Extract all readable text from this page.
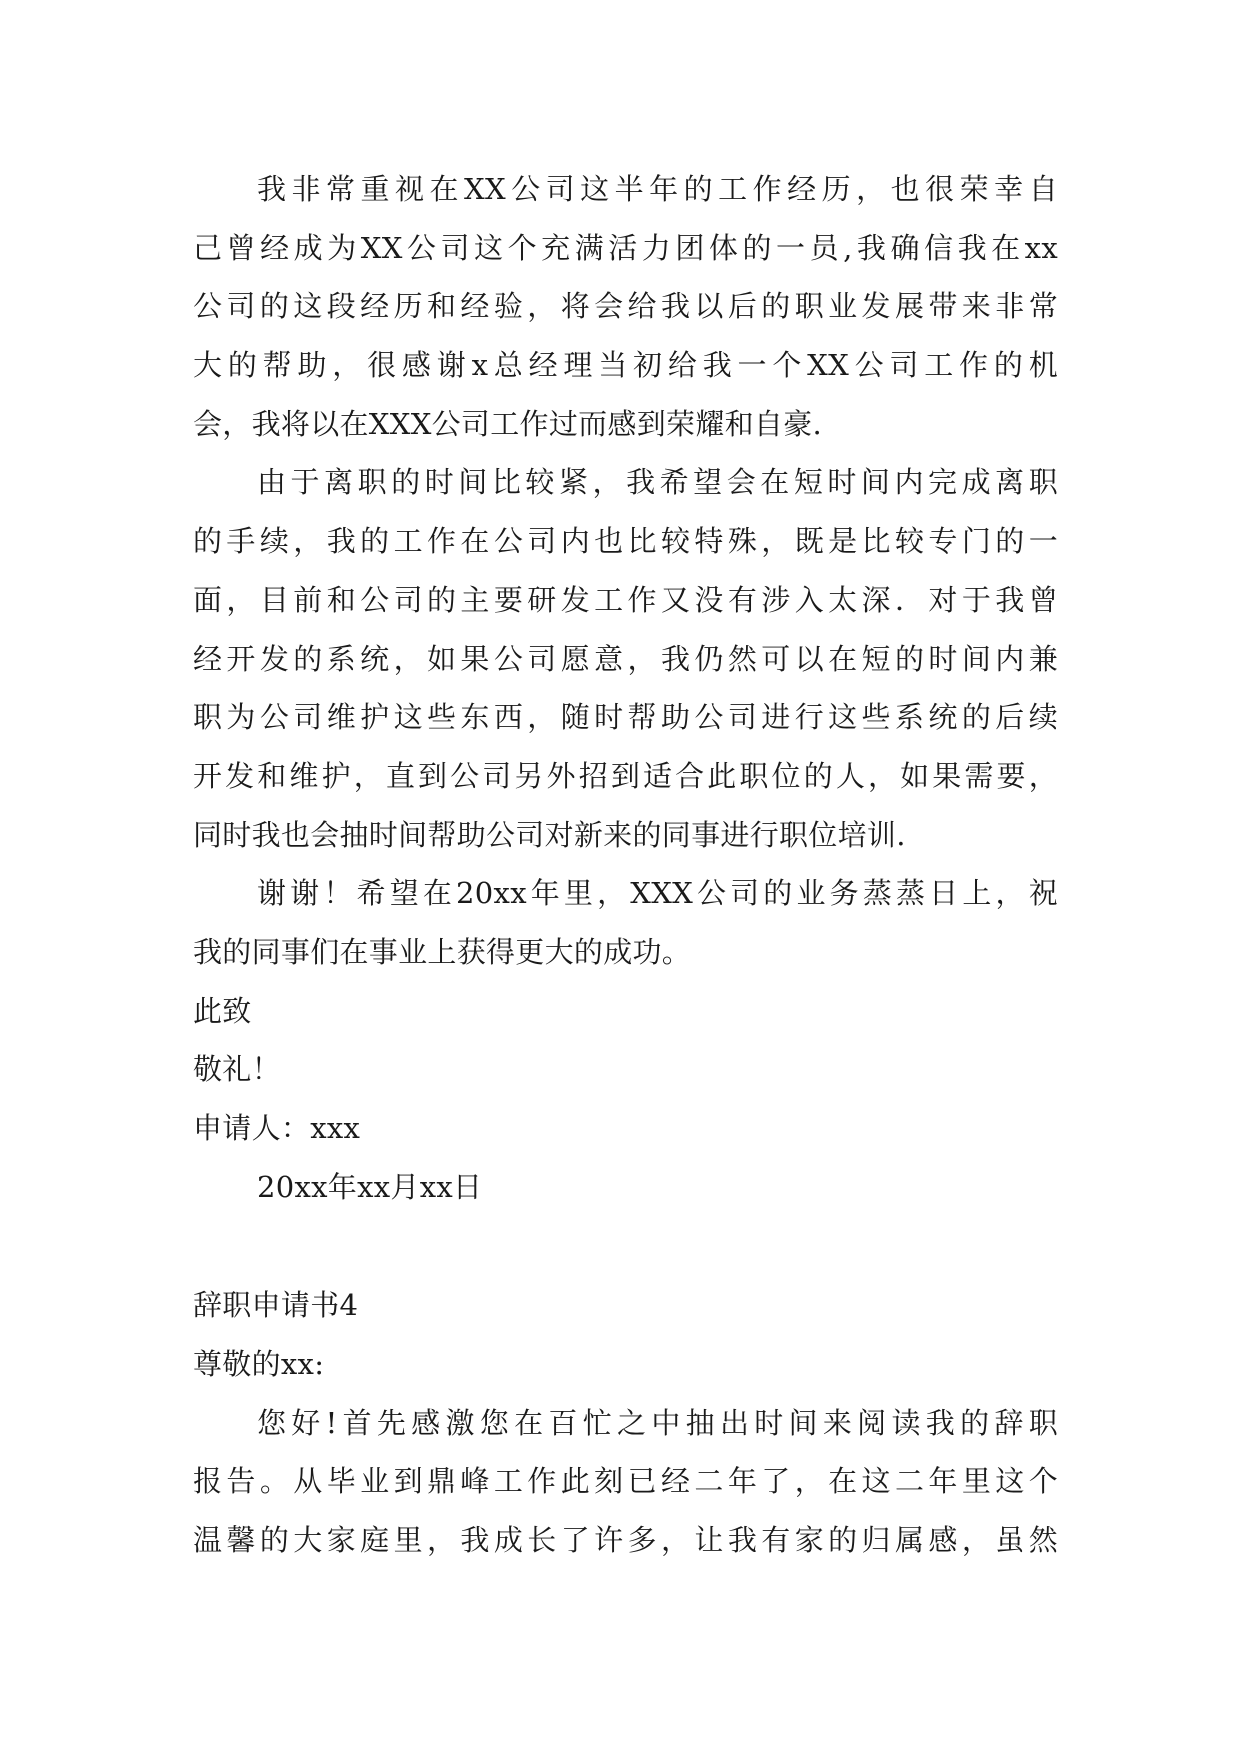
我非常重视在XX公司这半年的工作经历，也很荣幸自
己曾经成为XX公司这个充满活力团体的一员,我确信我在xx
公司的这段经历和经验，将会给我以后的职业发展带来非常
大的帮助，很感谢x总经理当初给我一个XX公司工作的机
会，我将以在XXX公司工作过而感到荣耀和自豪.
由于离职的时间比较紧，我希望会在短时间内完成离职
的手续，我的工作在公司内也比较特殊，既是比较专门的一
面，目前和公司的主要研发工作又没有涉入太深．对于我曾
经开发的系统，如果公司愿意，我仍然可以在短的时间内兼
职为公司维护这些东西，随时帮助公司进行这些系统的后续
开发和维护，直到公司另外招到适合此职位的人，如果需要，
同时我也会抽时间帮助公司对新来的同事进行职位培训.
谢谢！希望在20xx年里，XXX公司的业务蒸蒸日上，祝
我的同事们在事业上获得更大的成功。
此致
敬礼！
申请人：xxx
20xx年xx月xx日
辞职申请书4
尊敬的xx:
您好!首先感激您在百忙之中抽出时间来阅读我的辞职
报告。从毕业到鼎峰工作此刻已经二年了，在这二年里这个
温馨的大家庭里，我成长了许多，让我有家的归属感，虽然
